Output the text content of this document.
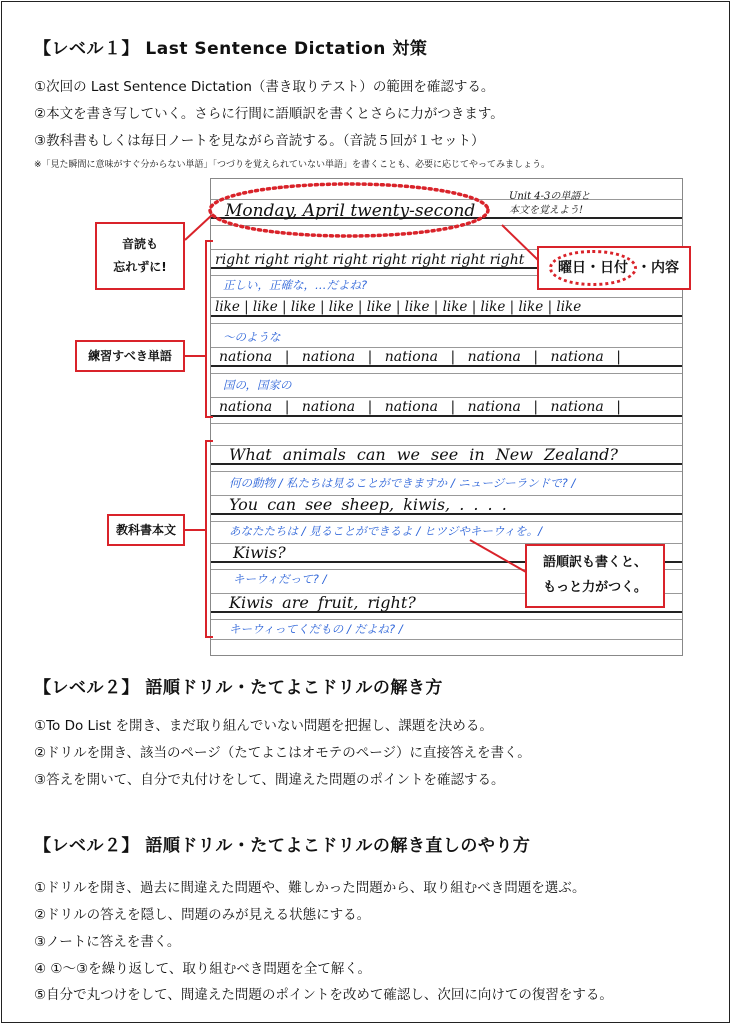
【レベル１】 Last Sentence Dictation 対策
①次回の Last Sentence Dictation（書き取りテスト）の範囲を確認する。
②本文を書き写していく。さらに行間に語順訳を書くとさらに力がつきます。
③教科書もしくは毎日ノートを見ながら音読する。（音読５回が１セット）
※「見た瞬間に意味がすぐ分からない単語」「つづりを覚えられていない単語」を書くことも、必要に応じてやってみましょう。
Monday, April twenty-second
Unit 4-3の単語と
本文を覚えよう!
right right right right right right right right
正しい，正確な，…だよね?
like | like | like | like | like | like | like | like | like | like
〜のような
nationa | nationa | nationa | nationa | nationa |
国の，国家の
nationa | nationa | nationa | nationa | nationa |
What animals can we see in New Zealand?
何の動物 / 私たちは見ることができますか / ニュージーランドで? /
You can see sheep, kiwis, . . . .
あなたたちは / 見ることができるよ / ヒツジやキーウィを。/
Kiwis?
キーウィだって? /
Kiwis are fruit, right?
キーウィってくだもの / だよね? /
音読も
忘れずに!
練習すべき単語
教科書本文
曜日・日付 ・内容
語順訳も書くと、
もっと力がつく。
【レベル２】 語順ドリル・たてよこドリルの解き方
①To Do List を開き、まだ取り組んでいない問題を把握し、課題を決める。
②ドリルを開き、該当のページ（たてよこはオモテのページ）に直接答えを書く。
③答えを開いて、自分で丸付けをして、間違えた問題のポイントを確認する。
【レベル２】 語順ドリル・たてよこドリルの解き直しのやり方
①ドリルを開き、過去に間違えた問題や、難しかった問題から、取り組むべき問題を選ぶ。
②ドリルの答えを隠し、問題のみが見える状態にする。
③ノートに答えを書く。
④ ①〜③を繰り返して、取り組むべき問題を全て解く。
⑤自分で丸つけをして、間違えた問題のポイントを改めて確認し、次回に向けての復習をする。
